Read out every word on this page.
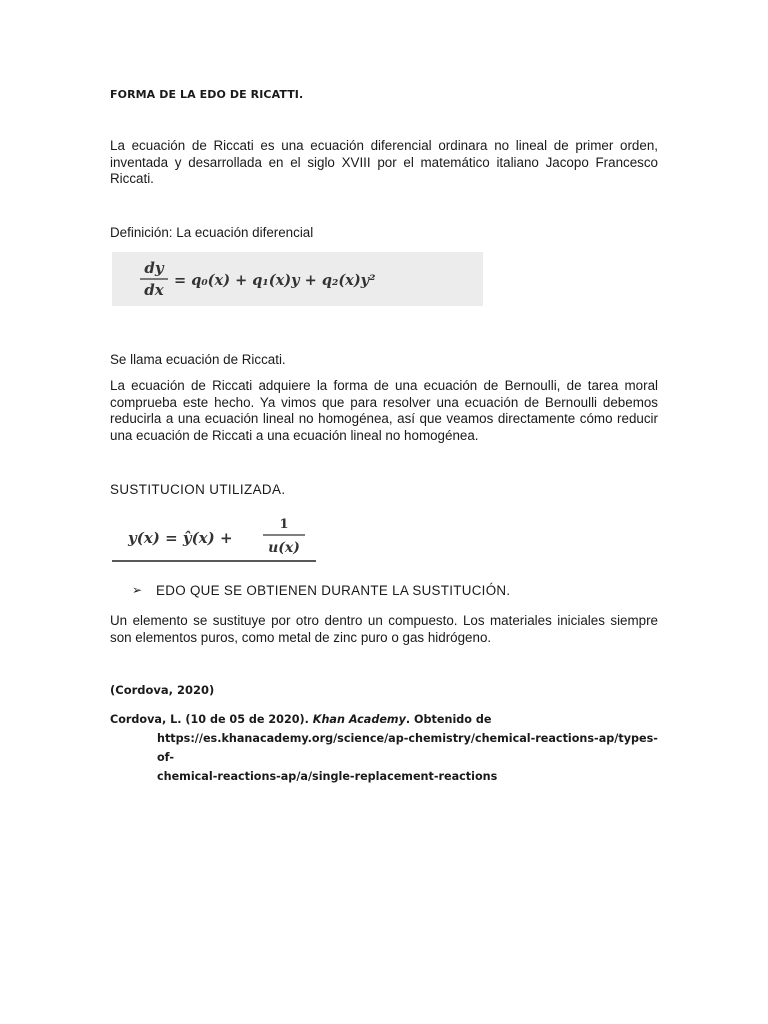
FORMA DE LA EDO DE RICATTI.

La ecuación de Riccati es una ecuación diferencial ordinara no lineal de primer orden, inventada y desarrollada en el siglo XVIII por el matemático italiano Jacopo Francesco Riccati.

Definición: La ecuación diferencial

dy
dx
= q₀(x) + q₁(x)y + q₂(x)y²

Se llama ecuación de Riccati.

La ecuación de Riccati adquiere la forma de una ecuación de Bernoulli, de tarea moral comprueba este hecho. Ya vimos que para resolver una ecuación de Bernoulli debemos reducirla a una ecuación lineal no homogénea, así que veamos directamente cómo reducir una ecuación de Riccati a una ecuación lineal no homogénea.

SUSTITUCION UTILIZADA.

y(x) = ŷ(x) +
1
u(x)
➢ EDO QUE SE OBTIENEN DURANTE LA SUSTITUCIÓN.

Un elemento se sustituye por otro dentro un compuesto. Los materiales iniciales siempre son elementos puros, como metal de zinc puro o gas hidrógeno.

(Cordova, 2020)
Cordova, L. (10 de 05 de 2020). Khan Academy. Obtenido de
https://es.khanacademy.org/science/ap-chemistry/chemical-reactions-ap/types-of-
chemical-reactions-ap/a/single-replacement-reactions
